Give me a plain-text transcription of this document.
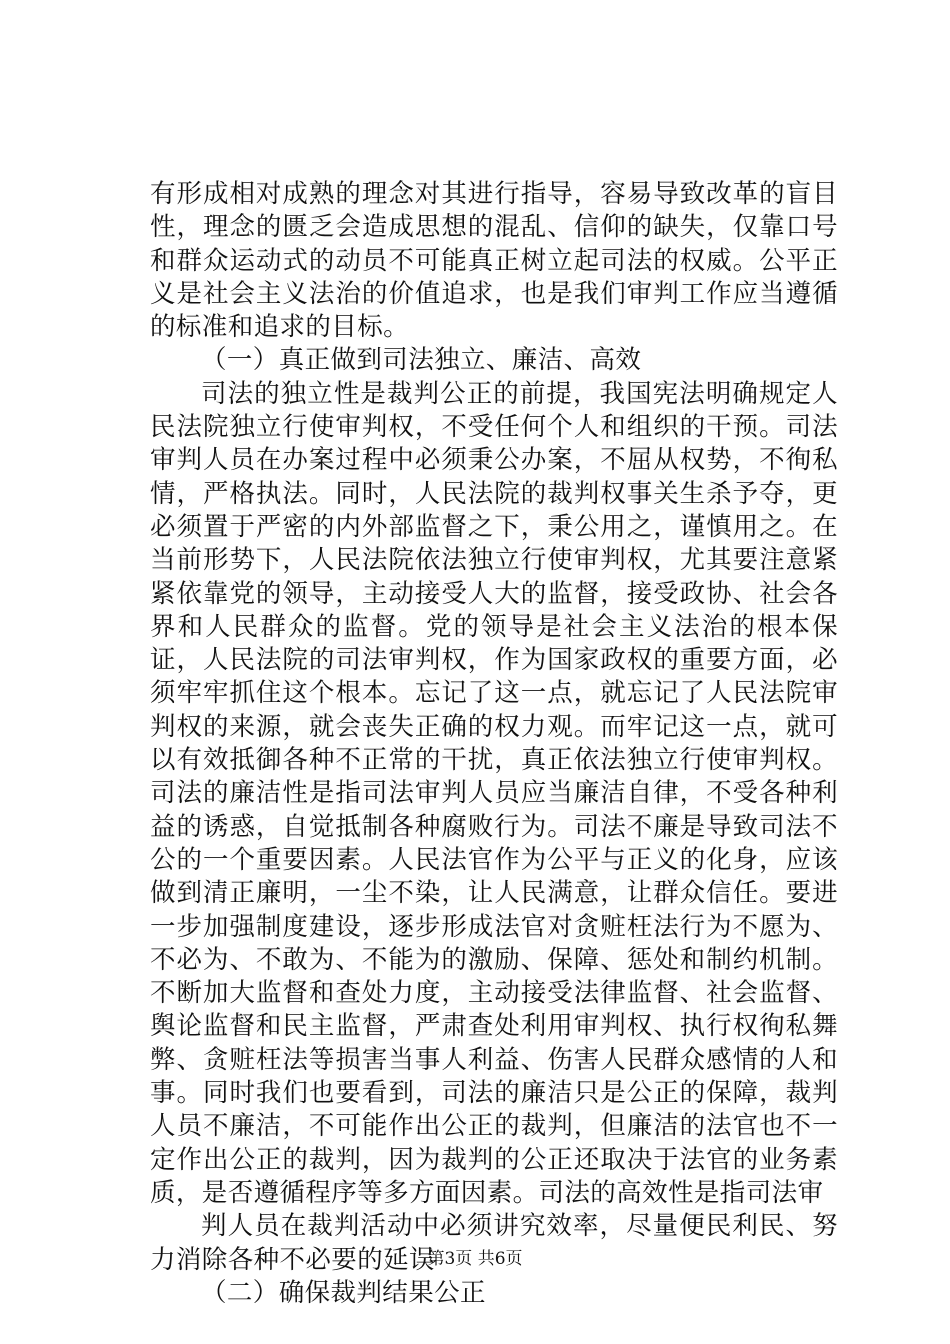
有形成相对成熟的理念对其进行指导，容易导致改革的盲目性，理念的匮乏会造成思想的混乱、信仰的缺失，仅靠口号和群众运动式的动员不可能真正树立起司法的权威。公平正义是社会主义法治的价值追求，也是我们审判工作应当遵循的标准和追求的目标。

（一）真正做到司法独立、廉洁、高效

司法的独立性是裁判公正的前提，我国宪法明确规定人民法院独立行使审判权，不受任何个人和组织的干预。司法审判人员在办案过程中必须秉公办案，不屈从权势，不徇私情，严格执法。同时，人民法院的裁判权事关生杀予夺，更必须置于严密的内外部监督之下，秉公用之，谨慎用之。在当前形势下，人民法院依法独立行使审判权，尤其要注意紧紧依靠党的领导，主动接受人大的监督，接受政协、社会各界和人民群众的监督。党的领导是社会主义法治的根本保证，人民法院的司法审判权，作为国家政权的重要方面，必须牢牢抓住这个根本。忘记了这一点，就忘记了人民法院审判权的来源，就会丧失正确的权力观。而牢记这一点，就可以有效抵御各种不正常的干扰，真正依法独立行使审判权。司法的廉洁性是指司法审判人员应当廉洁自律，不受各种利益的诱惑，自觉抵制各种腐败行为。司法不廉是导致司法不公的一个重要因素。人民法官作为公平与正义的化身，应该做到清正廉明，一尘不染，让人民满意，让群众信任。要进一步加强制度建设，逐步形成法官对贪赃枉法行为不愿为、不必为、不敢为、不能为的激励、保障、惩处和制约机制。不断加大监督和查处力度，主动接受法律监督、社会监督、舆论监督和民主监督，严肃查处利用审判权、执行权徇私舞弊、贪赃枉法等损害当事人利益、伤害人民群众感情的人和事。同时我们也要看到，司法的廉洁只是公正的保障，裁判人员不廉洁，不可能作出公正的裁判，但廉洁的法官也不一定作出公正的裁判，因为裁判的公正还取决于法官的业务素质，是否遵循程序等多方面因素。司法的高效性是指司法审

判人员在裁判活动中必须讲究效率，尽量便民利民、努力消除各种不必要的延误

（二）确保裁判结果公正

第3页 共6页
